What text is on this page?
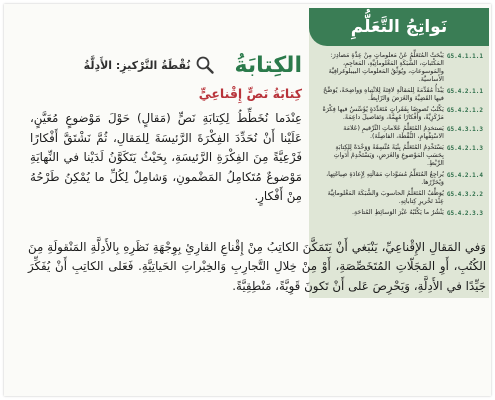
نَواتِجُ التَّعَلُّمِ
G5.4.1.1.1
يَبْحَثُ المُتَعَلِّمُ عَنْ مَعلوماتٍ مِنْ عِدَّةِ مَصادِرَ: المَكْتَباتِ، الشَّبَكَةِ المَعْلوماتِيَّةِ، المَعاجِمِ، والمَوسوعاتِ، ويُوَثِّقُ المَعلوماتِ البيبلوغرافِيَّةَ الأَساسيَّةَ.
G5.4.2.1.1
يَبْدَأُ مُقَدِّمَةً لِلمَقالَةِ لافِتَةً لِلانْتِباهِ وَواضِحَةً، يُوَضِّحُ فيها القَضِيَّةَ وَالغَرَضَ وَالرّابِطَ.
G5.4.2.1.2
يَكْتُبُ نُصوصًا بِفَقَراتٍ مُتَعَدِّدَةٍ يُؤَسِّسُ فيها فِكْرَةً مَرْكَزِيَّةً، وَأَفْكارًا مُهِمَّةً، وَتَفاصيلَ داعِمَةً.
G5.4.3.1.3
يَستخدِمُ المُتَعَلِّمُ عَلاماتِ التَّرْقيمِ (عَلامَةَ الاسْتِفْهامِ، النُّقْطَةَ، الفاصِلَةَ).
G5.4.2.1.3
يَسْتَخْدِمُ المُتَعَلِّمُ بِنْيَةً مُتَّسِقَةً وَوَحْدَةً لِلكِتابَةِ بِحَسَبِ المَوْضوعِ وَالغَرَضِ، وَيَسْتَخْدِمُ أَدَواتِ الرَّبْطِ.
G5.4.2.1.4
يُراجِعُ المُتَعَلِّمُ مُسَوَّداتِ مَقالَتِهِ لِإِعادَةِ صِياغَتِها، وَيُحَرِّرُها.
G5.4.3.2.2
يُوَظِّفُ المُتَعَلِّمُ الحاسوبَ وَالشَّبَكَةَ المَعْلوماتِيَّةَ عِنْدَ تَحْريرِ كِتاباتِهِ.
G5.4.2.3.3
يَنْشُرُ ما يَكْتُبُهُ عَبْرَ الوَسائِطِ المُتاحَةِ.
الكِتابَةُ
نُقْطَةُ التَّرْكيزِ: الأَدِلَّةُ
كِتابَةُ نَصٍّ إِقْناعِيٍّ

عِنْدَما نُخَطِّطُ لِكِتابَةِ نَصٍّ (مَقالٍ) حَوْلَ مَوْضوعٍ مُعَيَّنٍ، عَلَيْنا أَنْ نُحَدِّدَ الفِكْرَةَ الرَّئيسَةَ لِلمَقالِ، ثُمَّ نَشْتَقَّ أَفْكارًا فَرْعِيَّةً مِنَ الفِكْرَةِ الرَّئيسَةِ، بِحَيْثُ يَتَكَوَّنُ لَدَيْنا في النِّهايَةِ مَوْضوعٌ مُتَكامِلُ المَضْمونِ، وَشامِلٌ لِكُلِّ ما يُمْكِنُ طَرْحُهُ مِنْ أَفْكارٍ.

وَفي المَقالِ الإِقْناعِيِّ، يَنْبَغي أَنْ يَتَمَكَّنَ الكاتِبُ مِنْ إِقْناعِ القارِئِ بِوِجْهَةِ نَظَرِهِ بِالأَدِلَّةِ المَنْقولَةِ مِنَ الكُتُبِ، أَوِ المَجَلّاتِ المُتَخَصِّصَةِ، أَوْ مِنْ خِلالِ التَّجارِبِ وَالخِبْراتِ الحَياتِيَّةِ. فَعَلى الكاتِبِ أَنْ يُفَكِّرَ جَيِّدًا في الأَدِلَّةِ، وَيَحْرِصَ عَلى أَنْ تَكونَ قَوِيَّةً، مَنْطِقِيَّةً.
